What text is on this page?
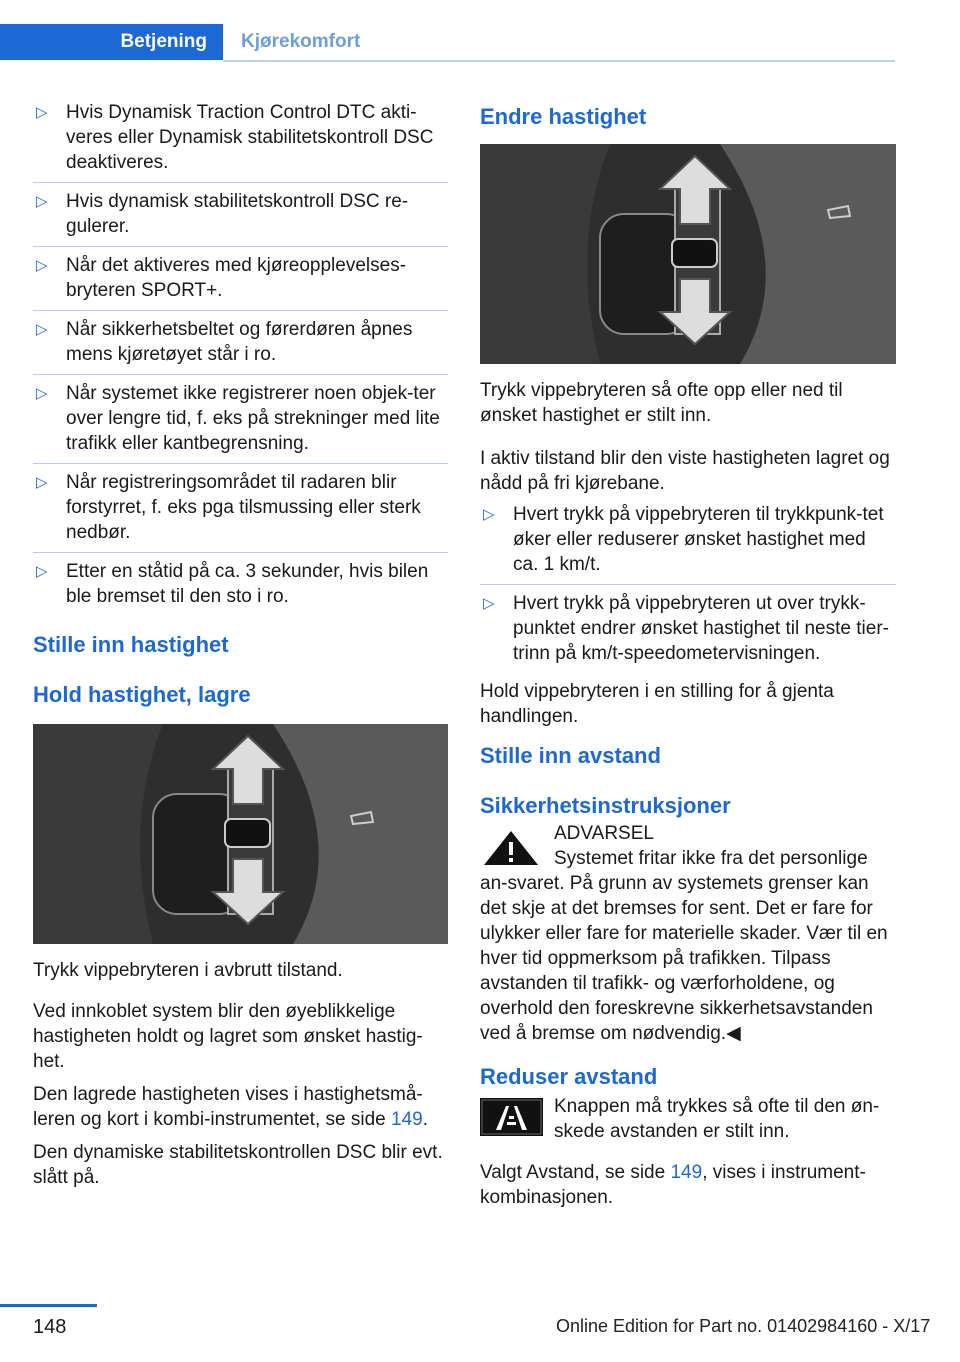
Betjening	Kjørekomfort
▷ Hvis Dynamisk Traction Control DTC akti-veres eller Dynamisk stabilitetskontroll DSC deaktiveres.
▷ Hvis dynamisk stabilitetskontroll DSC re-gulerer.
▷ Når det aktiveres med kjøreopplevelses-bryteren SPORT+.
▷ Når sikkerhetsbeltet og førerdøren åpnes mens kjøretøyet står i ro.
▷ Når systemet ikke registrerer noen objek-ter over lengre tid, f. eks på strekninger med lite trafikk eller kantbegrensning.
▷ Når registreringsområdet til radaren blir forstyrret, f. eks pga tilsmussing eller sterk nedbør.
▷ Etter en ståtid på ca. 3 sekunder, hvis bilen ble bremset til den sto i ro.
Stille inn hastighet
Hold hastighet, lagre

Trykk vippebryteren i avbrutt tilstand.

Ved innkoblet system blir den øyeblikkelige hastigheten holdt og lagret som ønsket hastig-het.

Den lagrede hastigheten vises i hastighetsmå-leren og kort i kombi-instrumentet, se side 149.

Den dynamiske stabilitetskontrollen DSC blir evt. slått på.

Endre hastighet

Trykk vippebryteren så ofte opp eller ned til ønsket hastighet er stilt inn.

I aktiv tilstand blir den viste hastigheten lagret og nådd på fri kjørebane.

▷ Hvert trykk på vippebryteren til trykkpunk-tet øker eller reduserer ønsket hastighet med ca. 1 km/t.
▷ Hvert trykk på vippebryteren ut over trykk-punktet endrer ønsket hastighet til neste tier-trinn på km/t-speedometervisningen.

Hold vippebryteren i en stilling for å gjenta handlingen.

Stille inn avstand
Sikkerhetsinstruksjoner

ADVARSEL

Systemet fritar ikke fra det personlige an-svaret. På grunn av systemets grenser kan det skje at det bremses for sent. Det er fare for ulykker eller fare for materielle skader. Vær til en hver tid oppmerksom på trafikken. Tilpass avstanden til trafikk- og værforholdene, og overhold den foreskrevne sikkerhetsavstanden ved å bremse om nødvendig.◀

Reduser avstand

Knappen må trykkes så ofte til den øn-skede avstanden er stilt inn.

Valgt Avstand, se side 149, vises i instrument-kombinasjonen.

148	Online Edition for Part no. 01402984160 - X/17
